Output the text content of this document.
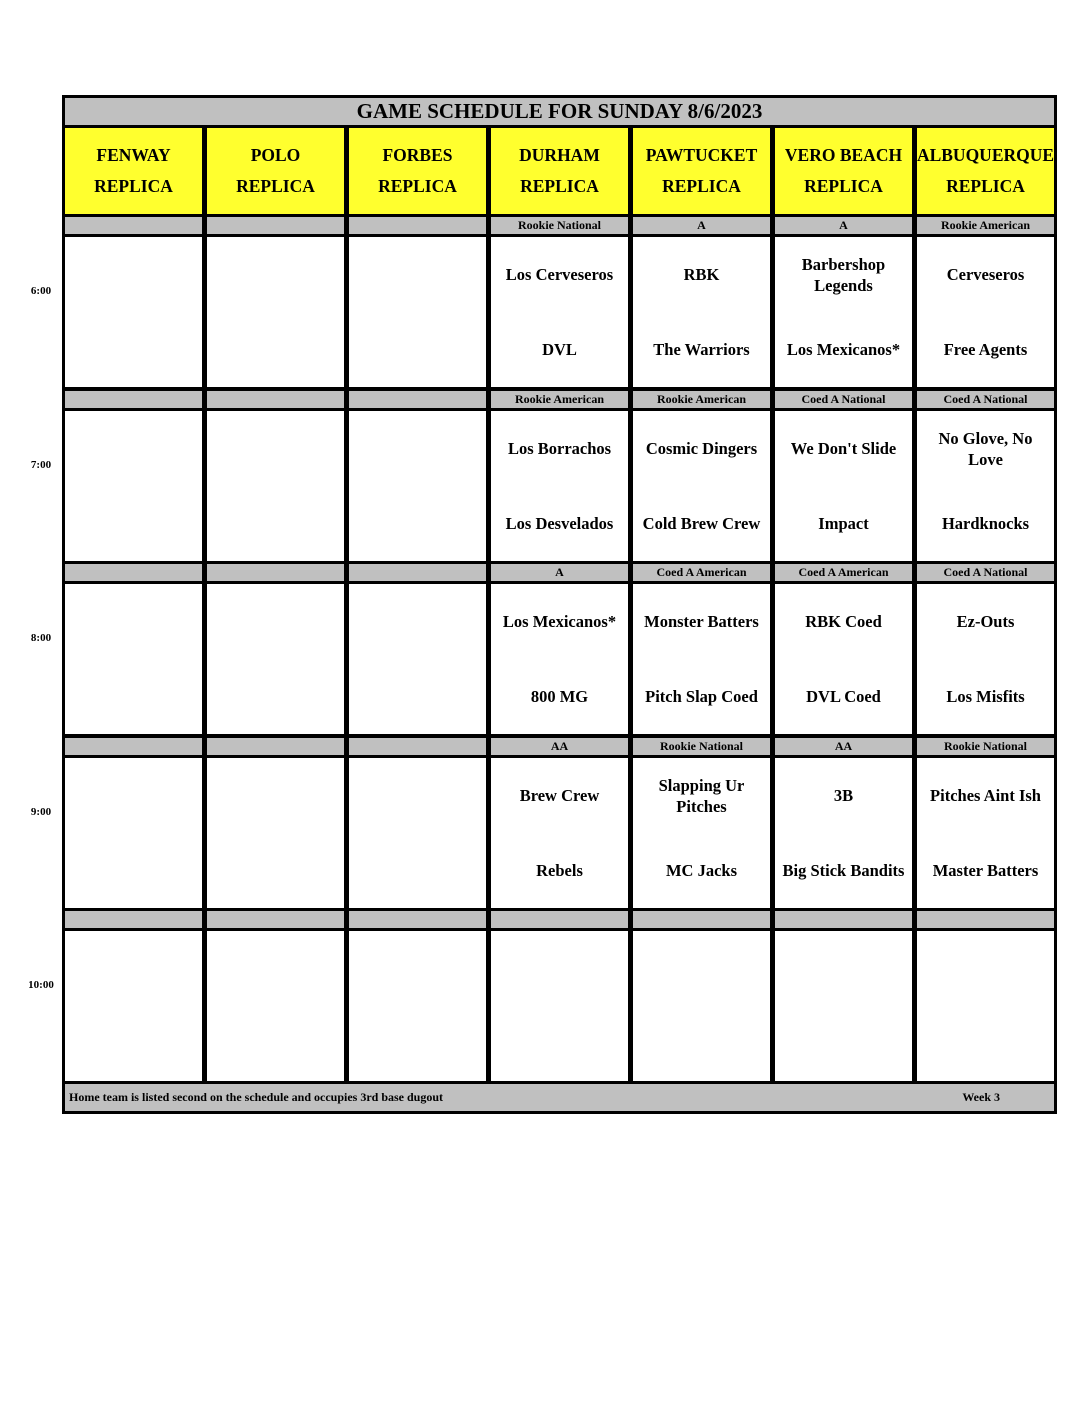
GAME SCHEDULE FOR SUNDAY 8/6/2023
Home team is listed second on the schedule and occupies 3rd base dugout	Week 3
FENWAY
REPLICA
POLO
REPLICA
FORBES
REPLICA
DURHAM
REPLICA
PAWTUCKET
REPLICA
VERO BEACH
REPLICA
ALBUQUERQUE
REPLICA
Rookie National
Los Cerveseros
DVL
A
RBK
The Warriors
A
Barbershop Legends
Los Mexicanos*
Rookie American
Cerveseros
Free Agents
Rookie American
Los Borrachos
Los Desvelados
Rookie American
Cosmic Dingers
Cold Brew Crew
Coed A National
We Don't Slide
Impact
Coed A National
No Glove, No Love
Hardknocks
A
Los Mexicanos*
800 MG
Coed A American
Monster Batters
Pitch Slap Coed
Coed A American
RBK Coed
DVL Coed
Coed A National
Ez-Outs
Los Misfits
AA
Brew Crew
Rebels
Rookie National
Slapping Ur Pitches
MC Jacks
AA
3B
Big Stick Bandits
Rookie National
Pitches Aint Ish
Master Batters
6:00
7:00
8:00
9:00
10:00
